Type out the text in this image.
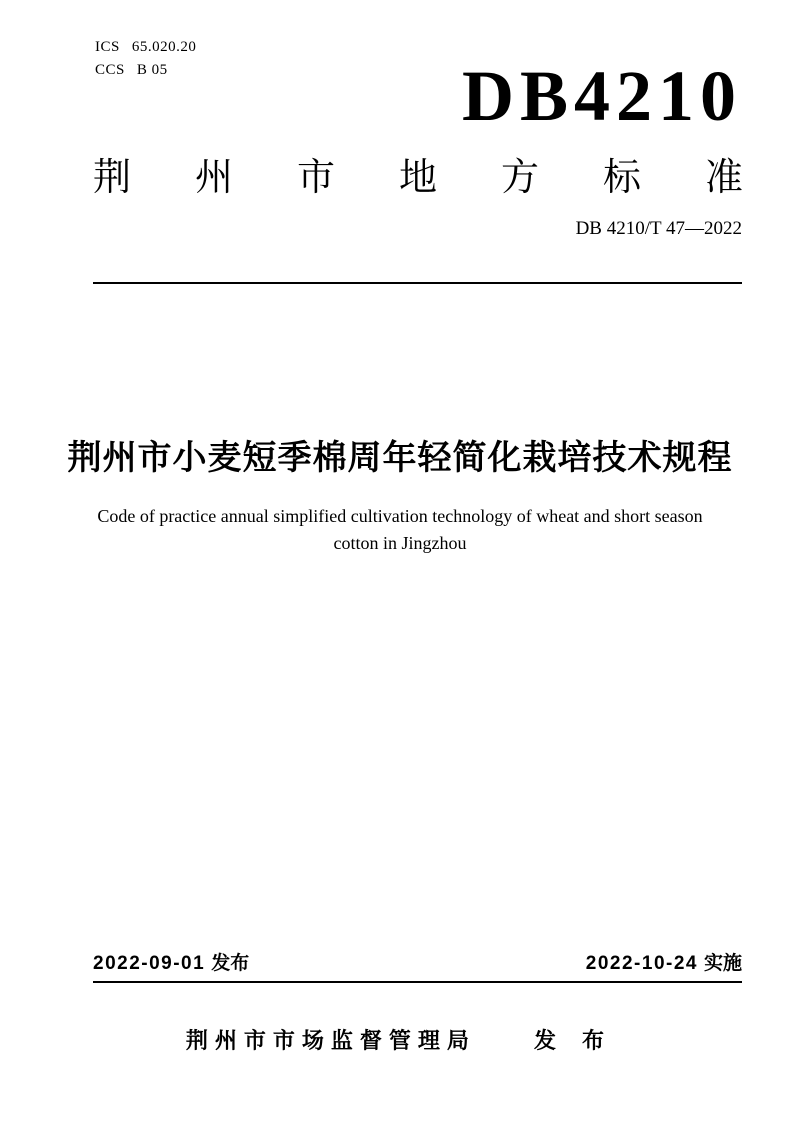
ICS 65.020.20
CCS B 05	DB4210
荆州市地方标准
DB 4210/T 47—2022
荆州市小麦短季棉周年轻简化栽培技术规程
Code of practice annual simplified cultivation technology of wheat and short season
cotton in Jingzhou
2022-09-01 发布	2022-10-24 实施
荆州市市场监督管理局	发 布
